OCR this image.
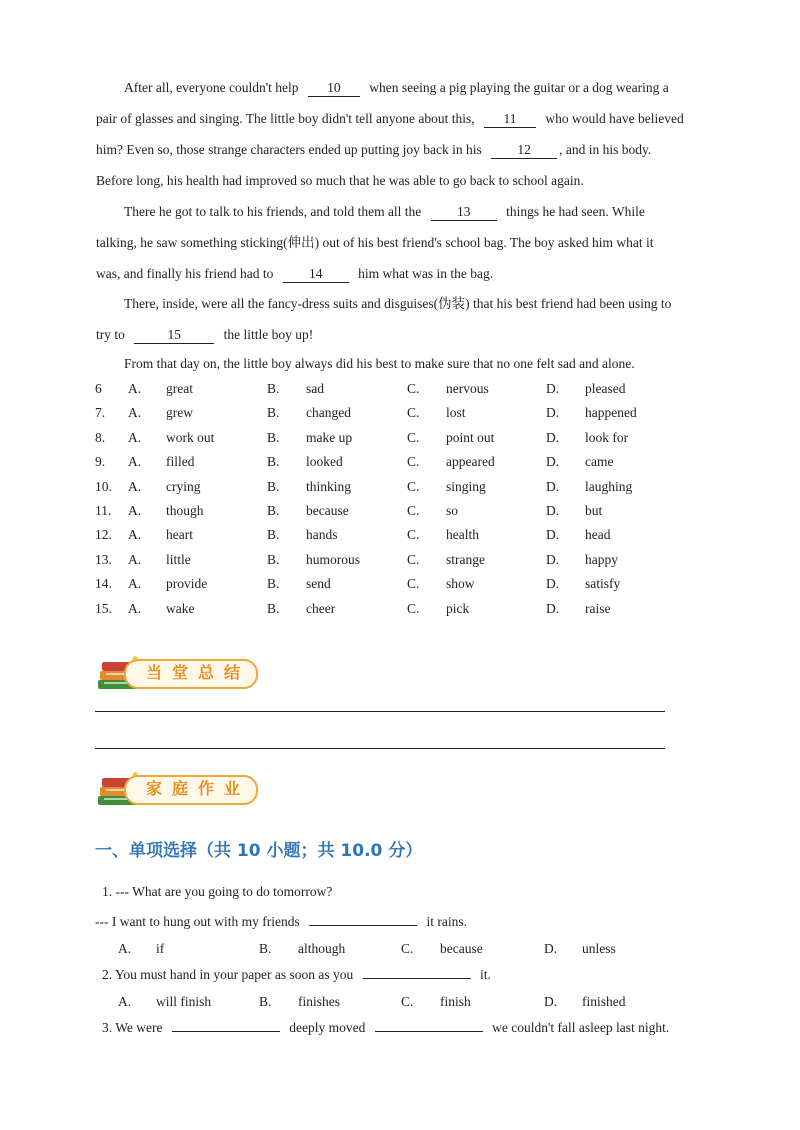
After all, everyone couldn't help 10 when seeing a pig playing the guitar or a dog wearing a
pair of glasses and singing. The little boy didn't tell anyone about this, 11 who would have believed
him? Even so, those strange characters ended up putting joy back in his	12 , and in his body.
Before long, his health had improved so much that he was able to go back to school again.
There he got to talk to his friends, and told them all the	13	things he had seen. While
talking, he saw something sticking(伸出) out of his best friend's school bag. The boy asked him what it
was, and finally his friend had to	14	him what was in the bag.
There, inside, were all the fancy-dress suits and disguises(伪装) that his best friend had been using to
try to	15	the little boy up!
From that day on, the little boy always did his best to make sure that no one felt sad and alone.
6 A. great	B. sad	C. nervous	D. pleased
7. A. grew	B. changed	C. lost	D. happened
8. A. work out	B. make up	C. point out	D. look for
9. A. filled	B. looked	C. appeared	D. came
10. A. crying	B. thinking	C. singing	D. laughing
11. A. though	B. because	C. so	D. but
12. A. heart	B. hands	C. health	D. head
13. A. little	B. humorous	C. strange	D. happy
14. A. provide	B. send	C. show	D. satisfy
15. A. wake	B. cheer	C. pick	D. raise
当堂总结
家庭作业
一、单项选择（共 10 小题；共 10.0 分）
1. --- What are you going to do tomorrow?
--- I want to hung out with my friends	it rains.
A. if	B. although	C. because	D. unless
2. You must hand in your paper as soon as you	it.
A. will finish	B. finishes	C. finish	D. finished
3. We were	deeply moved	we couldn't fall asleep last night.
